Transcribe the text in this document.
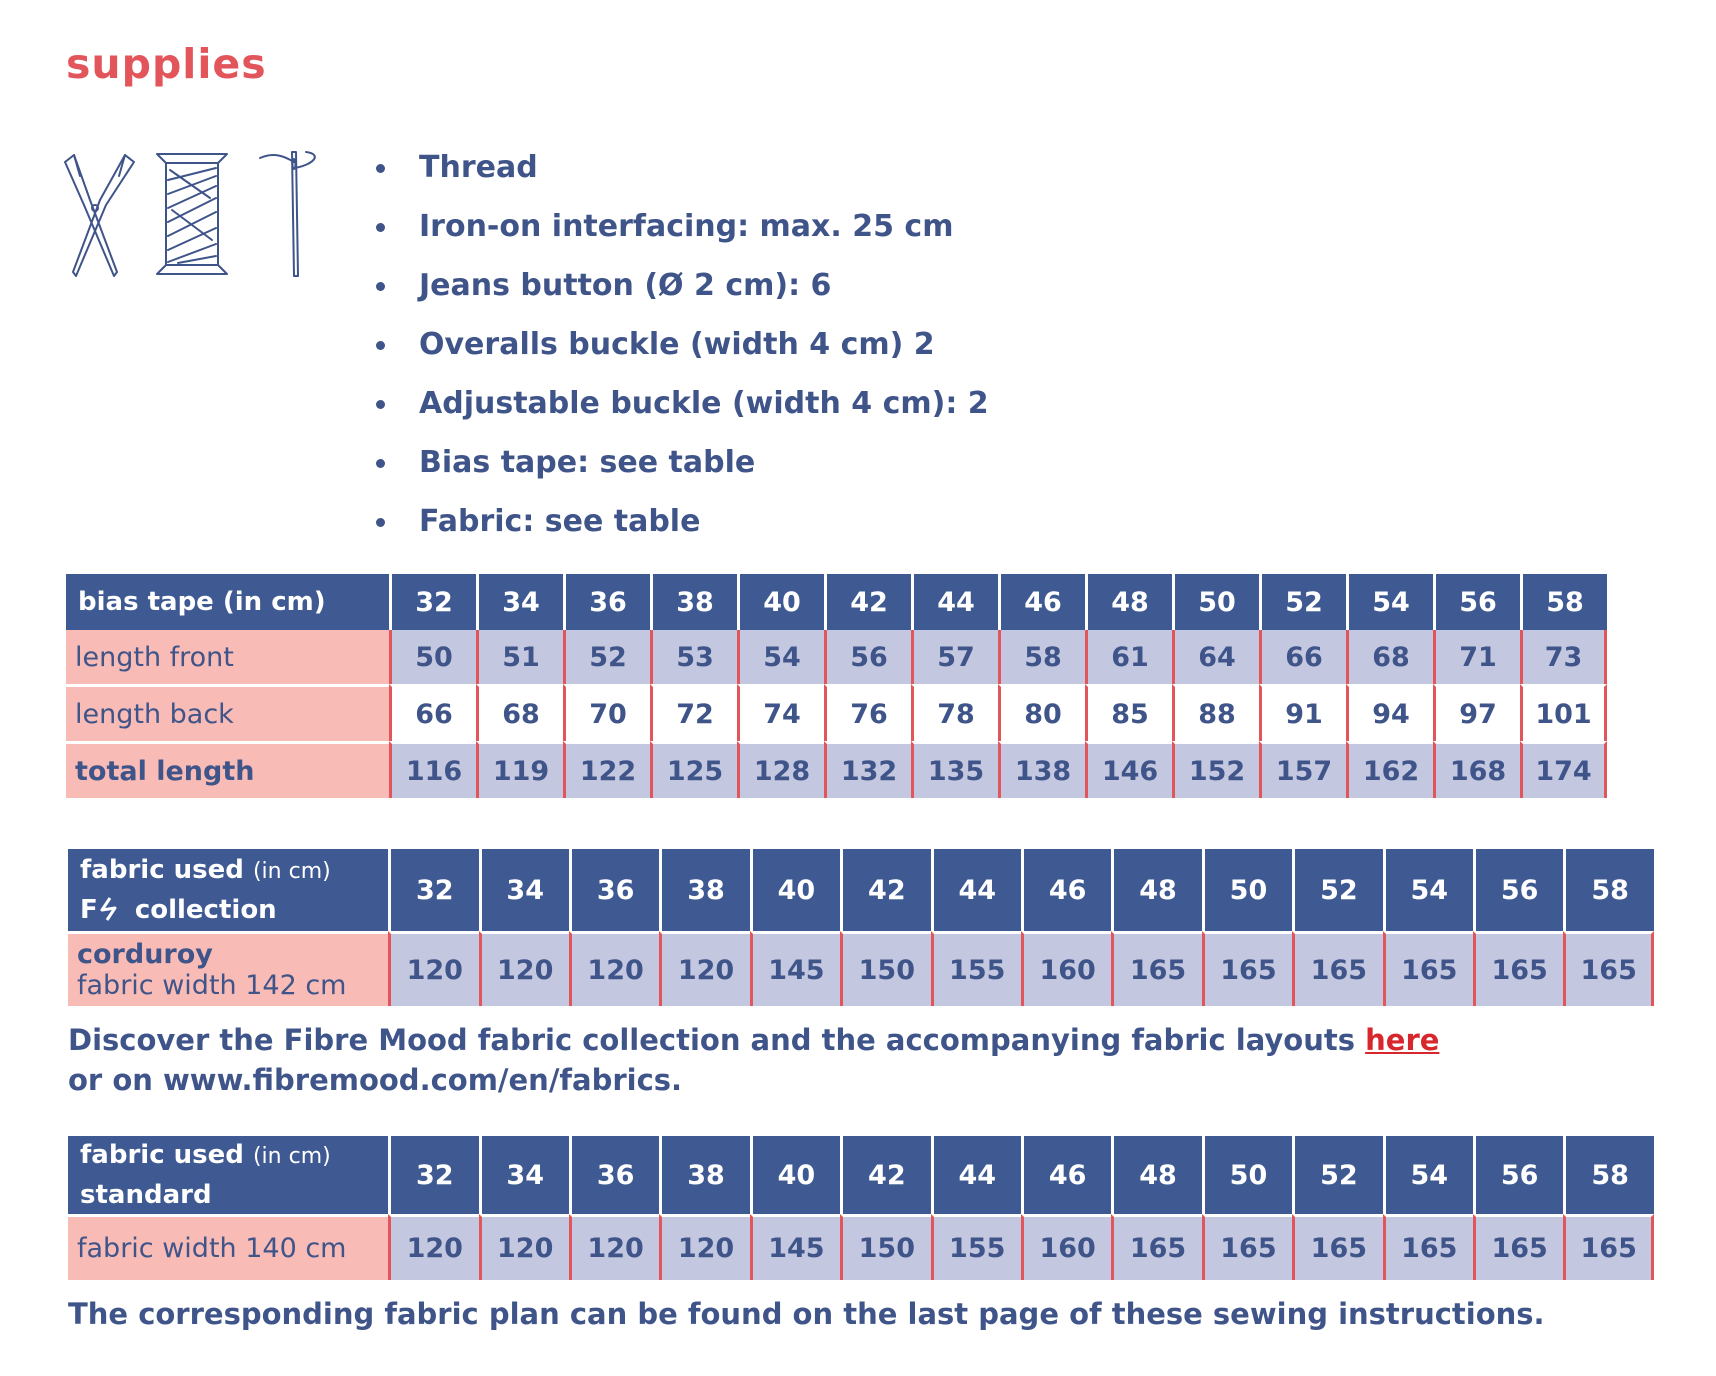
supplies
Thread
Iron-on interfacing: max. 25 cm
Jeans button (Ø 2 cm): 6
Overalls buckle (width 4 cm) 2
Adjustable buckle (width 4 cm): 2
Bias tape: see table
Fabric: see table
bias tape (in cm)	32	34	36	38	40	42	44	46	48	50	52	54	56	58
length front	50	51	52	53	54	56	57	58	61	64	66	68	71	73
length back	66	68	70	72	74	76	78	80	85	88	91	94	97	101
total length	116	119	122	125	128	132	135	138	146	152	157	162	168	174
fabric used (in cm)
F collection	32	34	36	38	40	42	44	46	48	50	52	54	56	58
corduroy
fabric width 142 cm	120	120	120	120	145	150	155	160	165	165	165	165	165	165

Discover the Fibre Mood fabric collection and the accompanying fabric layouts here
or on www.fibremood.com/en/fabrics.

fabric used (in cm)
standard	32	34	36	38	40	42	44	46	48	50	52	54	56	58
fabric width 140 cm	120	120	120	120	145	150	155	160	165	165	165	165	165	165

The corresponding fabric plan can be found on the last page of these sewing instructions.
